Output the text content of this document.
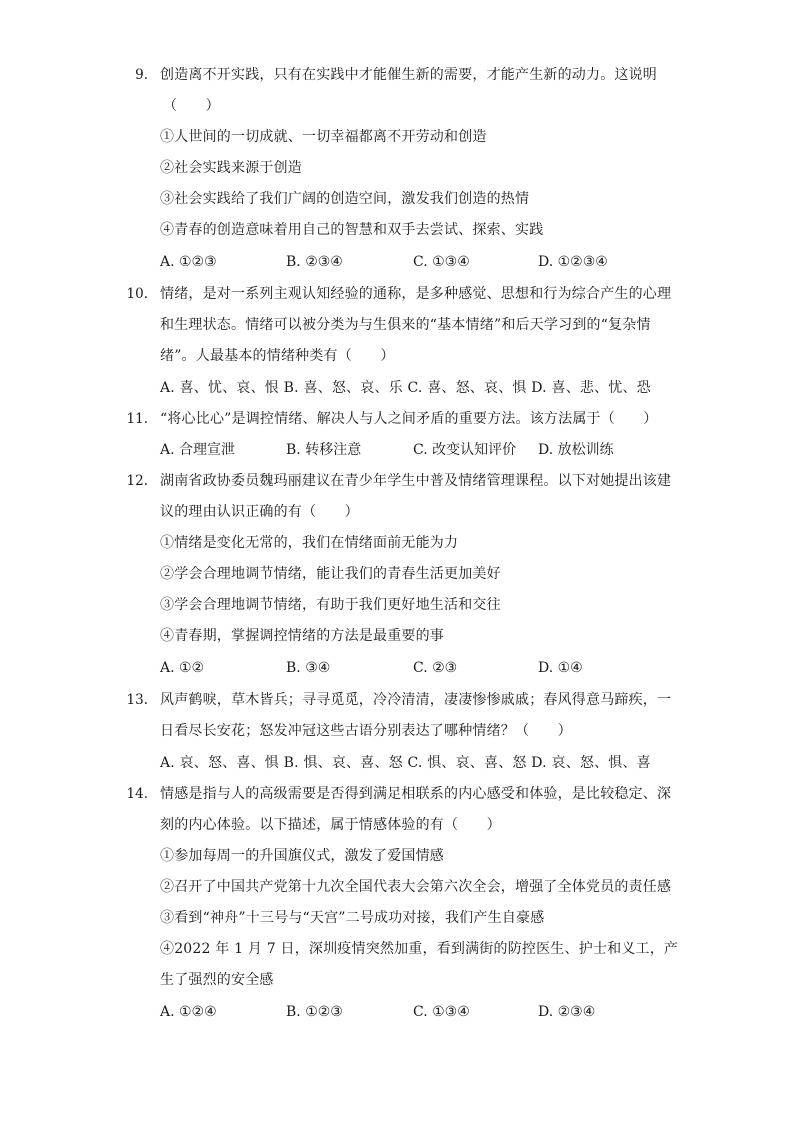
9. 创造离不开实践，只有在实践中才能催生新的需要，才能产生新的动力。这说明
（　　）
①人世间的一切成就、一切幸福都离不开劳动和创造
②社会实践来源于创造
③社会实践给了我们广阔的创造空间，激发我们创造的热情
④青春的创造意味着用自己的智慧和双手去尝试、探索、实践
A. ①②③	B. ②③④	C. ①③④	D. ①②③④
10. 情绪，是对一系列主观认知经验的通称，是多种感觉、思想和行为综合产生的心理
和生理状态。情绪可以被分类为与生俱来的“基本情绪”和后天学习到的“复杂情
绪”。人最基本的情绪种类有（　　）
A. 喜、忧、哀、恨 B. 喜、怒、哀、乐 C. 喜、怒、哀、惧 D. 喜、悲、忧、恐
11. “将心比心”是调控情绪、解决人与人之间矛盾的重要方法。该方法属于（　　）
A. 合理宣泄	B. 转移注意	C. 改变认知评价 D. 放松训练
12. 湖南省政协委员魏玛丽建议在青少年学生中普及情绪管理课程。以下对她提出该建
议的理由认识正确的有（　　）
①情绪是变化无常的，我们在情绪面前无能为力
②学会合理地调节情绪，能让我们的青春生活更加美好
③学会合理地调节情绪，有助于我们更好地生活和交往
④青春期，掌握调控情绪的方法是最重要的事
A. ①②	B. ③④	C. ②③	D. ①④
13. 风声鹤唳，草木皆兵；寻寻觅觅，冷冷清清，凄凄惨惨戚戚；春风得意马蹄疾，一
日看尽长安花；怒发冲冠这些古语分别表达了哪种情绪？（　　）
A. 哀、怒、喜、惧 B. 惧、哀、喜、怒 C. 惧、哀、喜、怒 D. 哀、怒、惧、喜
14. 情感是指与人的高级需要是否得到满足相联系的内心感受和体验，是比较稳定、深
刻的内心体验。以下描述，属于情感体验的有（　　）
①参加每周一的升国旗仪式，激发了爱国情感
②召开了中国共产党第十九次全国代表大会第六次全会，增强了全体党员的责任感
③看到“神舟”十三号与“天宫”二号成功对接，我们产生自豪感
④2022 年 1 月 7 日，深圳疫情突然加重，看到满街的防控医生、护士和义工，产
生了强烈的安全感
A. ①②④	B. ①②③	C. ①③④	D. ②③④
